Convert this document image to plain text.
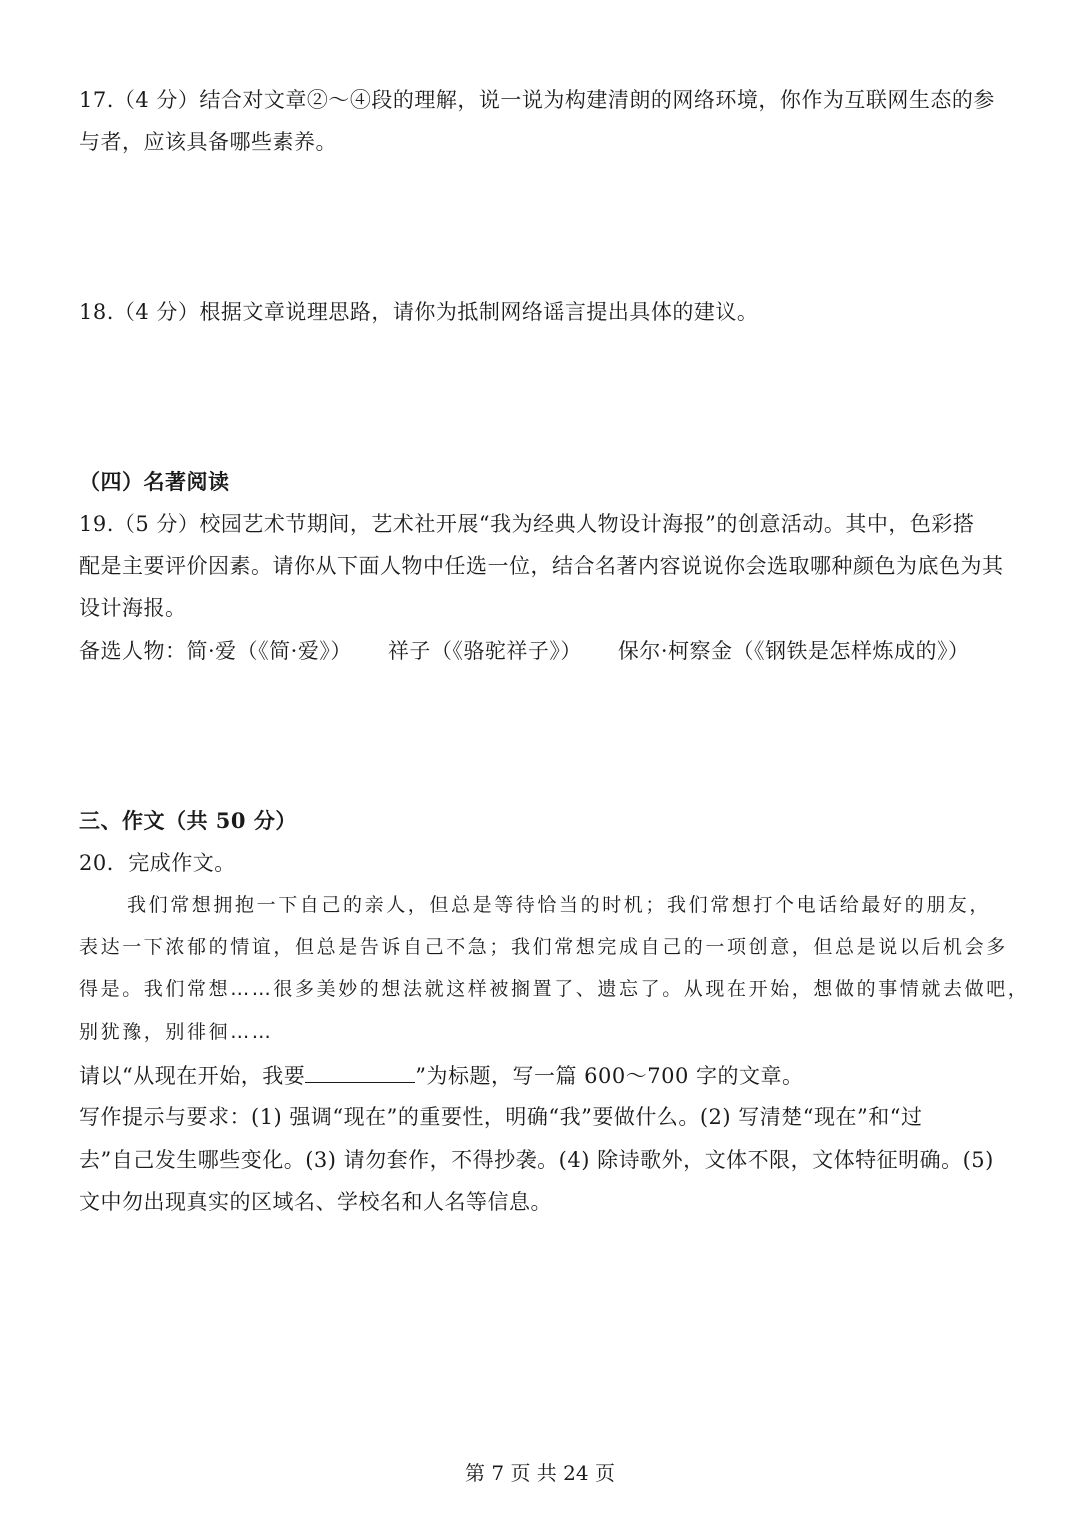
17.（4 分）结合对文章②～④段的理解，说一说为构建清朗的网络环境，你作为互联网生态的参
与者，应该具备哪些素养。
18.（4 分）根据文章说理思路，请你为抵制网络谣言提出具体的建议。
（四）名著阅读
19.（5 分）校园艺术节期间，艺术社开展“我为经典人物设计海报”的创意活动。其中，色彩搭
配是主要评价因素。请你从下面人物中任选一位，结合名著内容说说你会选取哪种颜色为底色为其
设计海报。
备选人物：简·爱（《简·爱》） 祥子（《骆驼祥子》） 保尔·柯察金（《钢铁是怎样炼成的》）
三、作文（共 50 分）
20．完成作文。
我们常想拥抱一下自己的亲人，但总是等待恰当的时机；我们常想打个电话给最好的朋友，
表达一下浓郁的情谊，但总是告诉自己不急；我们常想完成自己的一项创意，但总是说以后机会多
得是。我们常想……很多美妙的想法就这样被搁置了、遗忘了。从现在开始，想做的事情就去做吧，
别犹豫，别徘徊……
请以“从现在开始，我要	”为标题，写一篇 600～700 字的文章。
写作提示与要求：(1) 强调“现在”的重要性，明确“我”要做什么。(2) 写清楚“现在”和“过
去”自己发生哪些变化。(3) 请勿套作，不得抄袭。(4) 除诗歌外，文体不限，文体特征明确。(5)
文中勿出现真实的区域名、学校名和人名等信息。
第 7 页 共 24 页
